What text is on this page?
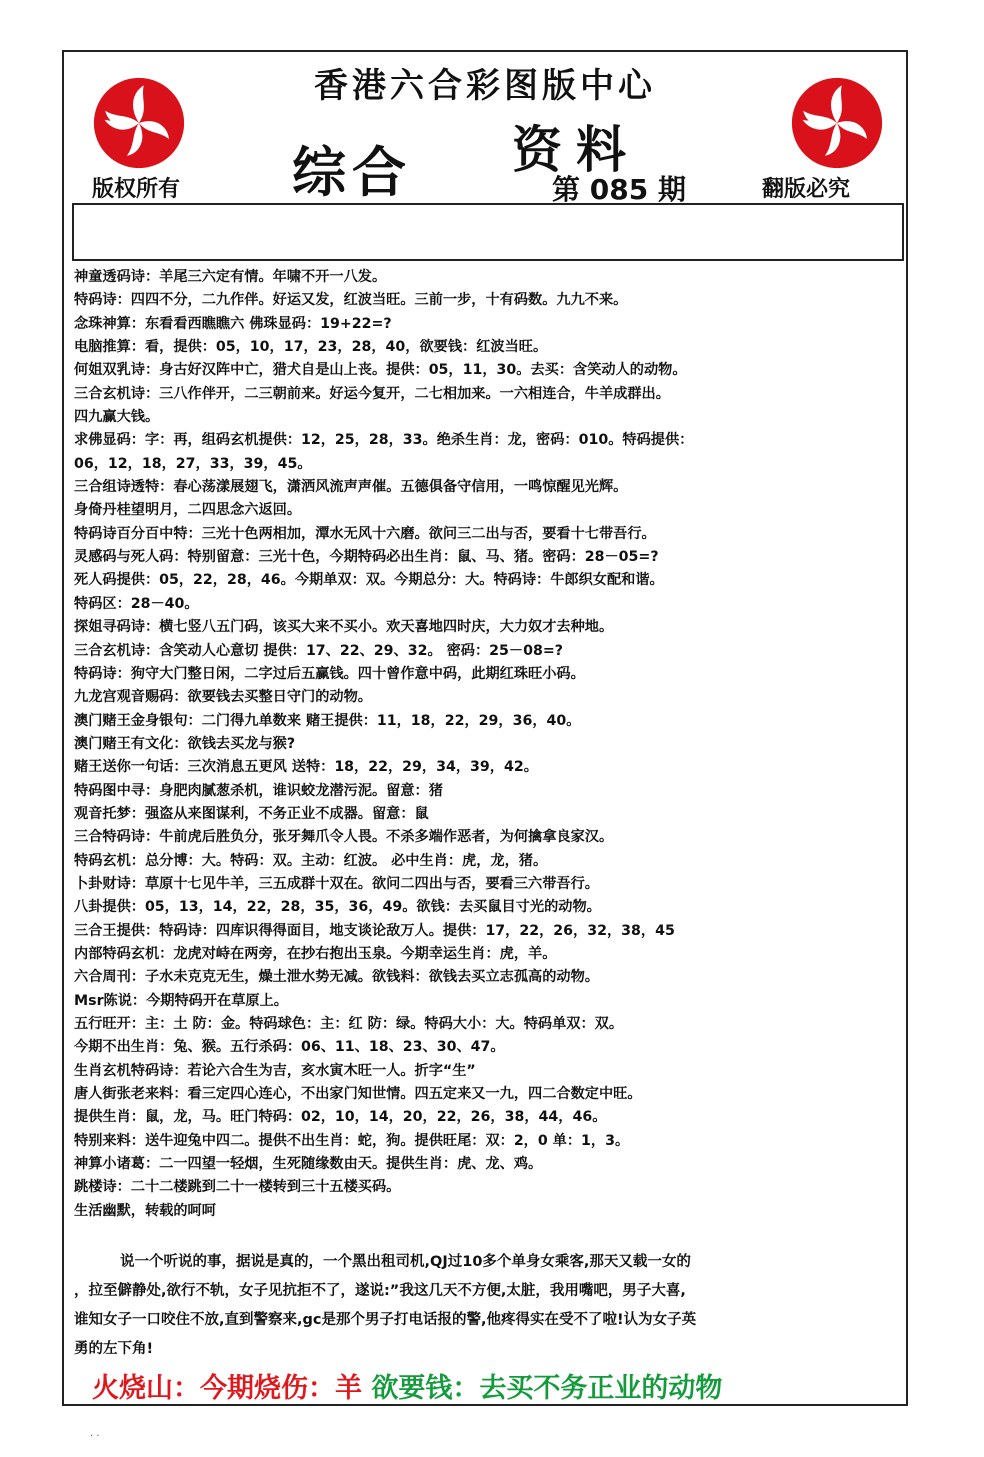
香港六合彩图版中心
综合 资料
第 085 期
版权所有	翻版必究
神童透码诗：羊尾三六定有情。年啸不开一八发。
特码诗：四四不分，二九作伴。好运又发，红波当旺。三前一步，十有码数。九九不来。
念珠神算：东看看西瞧瞧六 佛珠显码：19+22=?
电脑推算：看，提供：05，10，17，23，28，40，欲要钱：红波当旺。
何姐双乳诗：身古好汉阵中亡，猎犬自是山上丧。提供：05，11，30。去买：含笑动人的动物。
三合玄机诗：三八作伴开，二三朝前来。好运今复开，二七相加来。一六相连合，牛羊成群出。
四九赢大钱。
求佛显码：字：再，组码玄机提供：12，25，28，33。绝杀生肖：龙，密码：010。特码提供：
06，12，18，27，33，39，45。
三合组诗透特：春心荡漾展翅飞，潇洒风流声声催。五德俱备守信用，一鸣惊醒见光辉。
身倚丹桂望明月，二四思念六返回。
特码诗百分百中特：三光十色两相加，潭水无风十六磨。欲问三二出与否，要看十七带吾行。
灵感码与死人码：特别留意：三光十色，今期特码必出生肖：鼠、马、猪。密码：28－05=?
死人码提供：05，22，28，46。今期单双：双。今期总分：大。特码诗：牛郎织女配和谐。
特码区：28－40。
探姐寻码诗：横七竖八五门码，该买大来不买小。欢天喜地四时庆，大力奴才去种地。
三合玄机诗：含笑动人心意切 提供：17、22、29、32。 密码：25－08=?
特码诗：狗守大门整日闲，二字过后五赢钱。四十曾作意中码，此期红珠旺小码。
九龙宫观音赐码：欲要钱去买整日守门的动物。
澳门赌王金身银句：二门得九单数来 赌王提供：11，18，22，29，36，40。
澳门赌王有文化：欲钱去买龙与猴?
赌王送你一句话：三次消息五更风 送特：18，22，29，34，39，42。
特码图中寻：身肥肉腻葱杀机，谁识蛟龙潜污泥。留意：猪
观音托梦：强盗从来图谋利，不务正业不成器。留意：鼠
三合特码诗：牛前虎后胜负分，张牙舞爪令人畏。不杀多端作恶者，为何擒拿良家汉。
特码玄机：总分博：大。特码：双。主动：红波。 必中生肖：虎，龙，猪。
卜卦财诗：草原十七见牛羊，三五成群十双在。欲问二四出与否，要看三六带吾行。
八卦提供：05，13，14，22，28，35，36，49。欲钱：去买鼠目寸光的动物。
三合王提供：特码诗：四库识得得面目，地支谈论敌万人。提供：17，22，26，32，38，45
内部特码玄机：龙虎对峙在两旁，在抄右抱出玉泉。今期幸运生肖：虎，羊。
六合周刊：子水未克克无生，燥土泄水势无减。欲钱料：欲钱去买立志孤高的动物。
Msr陈说：今期特码开在草原上。
五行旺开：主：土 防：金。特码球色：主：红 防：绿。特码大小：大。特码单双：双。
今期不出生肖：兔、猴。五行杀码：06、11、18、23、30、47。
生肖玄机特码诗：若论六合生为吉，亥水寅木旺一人。折字“生”
唐人街张老来料：看三定四心连心，不出家门知世情。四五定来又一九，四二合数定中旺。
提供生肖：鼠，龙，马。旺门特码：02，10，14，20，22，26，38，44，46。
特别来料：送牛迎兔中四二。提供不出生肖：蛇，狗。提供旺尾：双：2，0 单：1，3。
神算小诸葛：二一四望一轻烟，生死随缘数由天。提供生肖：虎、龙、鸡。
跳楼诗：二十二楼跳到二十一楼转到三十五楼买码。
生活幽默，转载的呵呵
说一个听说的事，据说是真的，一个黑出租司机,QJ过10多个单身女乘客,那天又载一女的
，拉至僻静处,欲行不轨，女子见抗拒不了，遂说:”我这几天不方便,太脏，我用嘴吧，男子大喜,
谁知女子一口咬住不放,直到警察来,gc是那个男子打电话报的警,他疼得实在受不了啦!认为女子英
勇的左下角!
火烧山：今期烧伤：羊 欲要钱：去买不务正业的动物
. .
